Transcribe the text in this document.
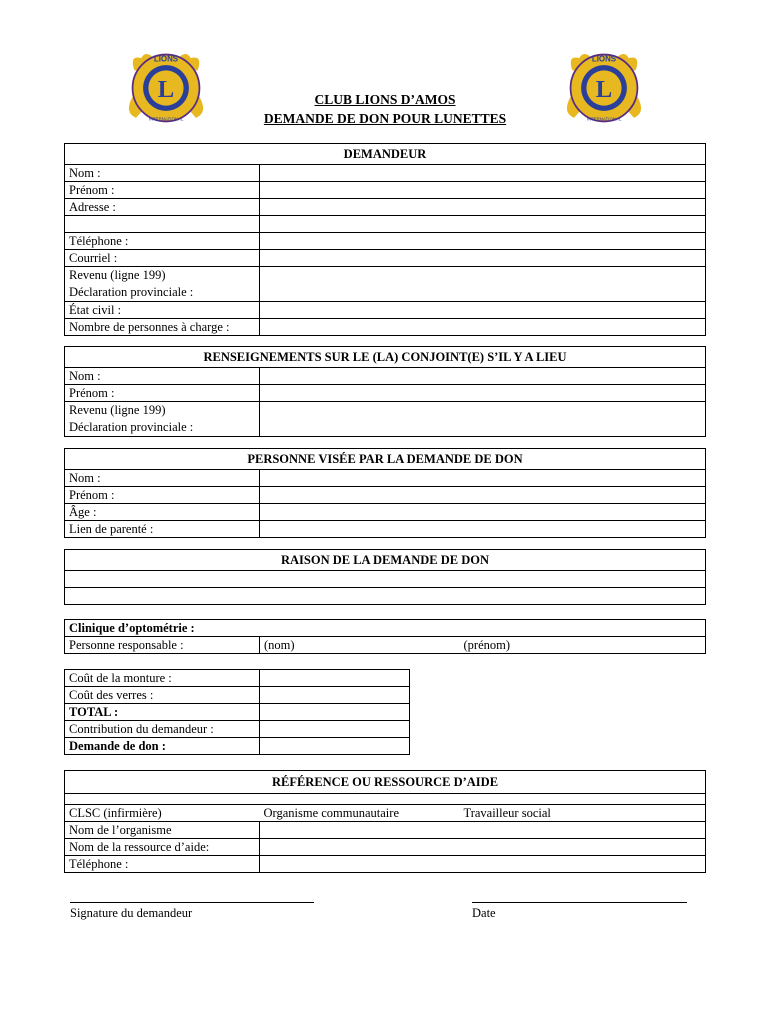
L
LIONS
INTERNATIONAL
L
LIONS
INTERNATIONAL
CLUB LIONS D’AMOS
DEMANDE DE DON POUR LUNETTES
DEMANDEUR	
Nom :	
Prénom :	
Adresse :	

Téléphone :	
Courriel :	
Revenu (ligne 199)
Déclaration provinciale :	
État civil :	
Nombre de personnes à charge :	
RENSEIGNEMENTS SUR LE (LA) CONJOINT(E) S’IL Y A LIEU	
Nom :	
Prénom :	
Revenu (ligne 199)
Déclaration provinciale :	
PERSONNE VISÉE PAR LA DEMANDE DE DON	
Nom :	
Prénom :	
Âge :	
Lien de parenté :	
RAISON DE LA DEMANDE DE DON

Clinique d’optométrie :
Personne responsable :	(nom)	(prénom)
Coût de la monture :	
Coût des verres :	
TOTAL :	
Contribution du demandeur :	
Demande de don :	
RÉFÉRENCE OU RESSOURCE D’AIDE		

CLSC (infirmière)	Organisme communautaire	Travailleur social
Nom de l’organisme		
Nom de la ressource d’aide:		
Téléphone :		
Signature du demandeur	Date
